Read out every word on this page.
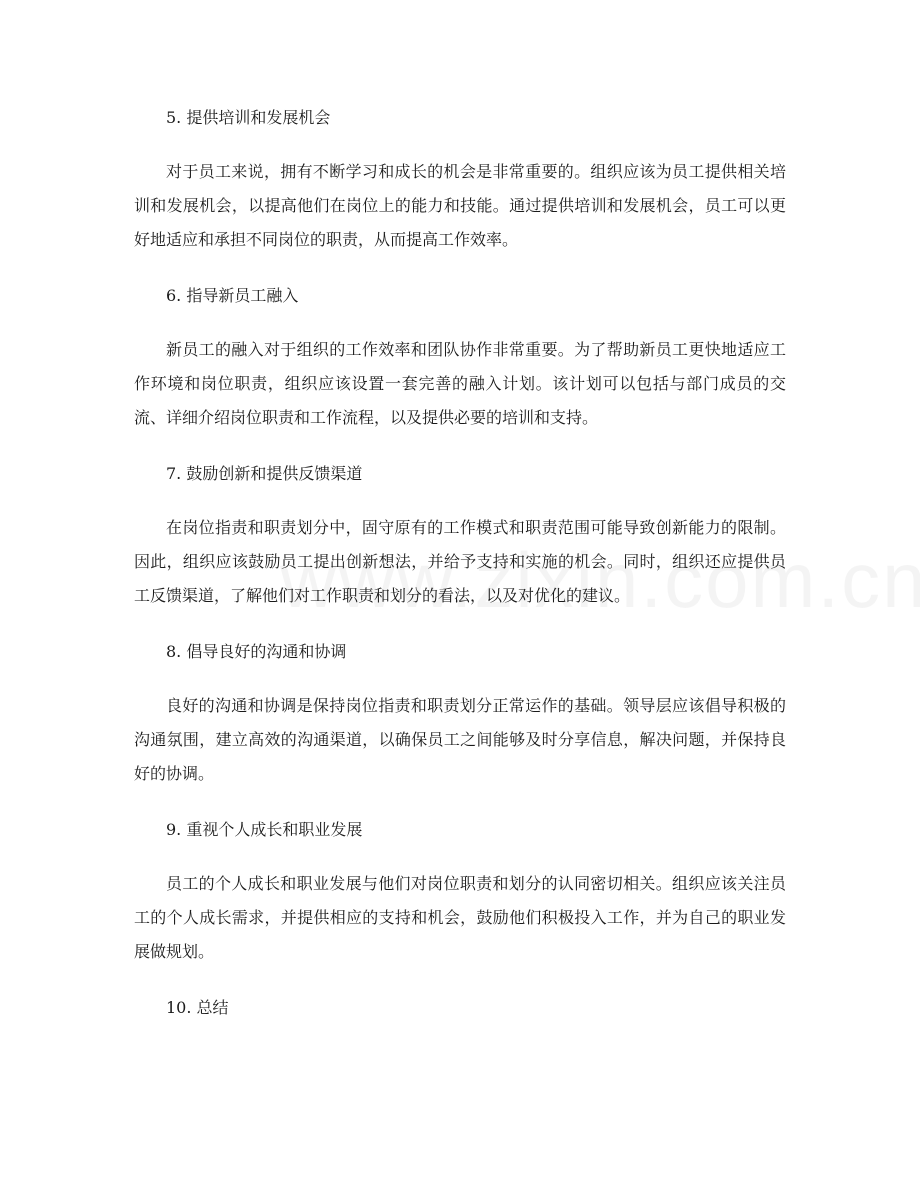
5. 提供培训和发展机会
对于员工来说，拥有不断学习和成长的机会是非常重要的。组织应该为员工提供相关培训和发展机会，以提高他们在岗位上的能力和技能。通过提供培训和发展机会，员工可以更好地适应和承担不同岗位的职责，从而提高工作效率。
6. 指导新员工融入
新员工的融入对于组织的工作效率和团队协作非常重要。为了帮助新员工更快地适应工作环境和岗位职责，组织应该设置一套完善的融入计划。该计划可以包括与部门成员的交流、详细介绍岗位职责和工作流程，以及提供必要的培训和支持。
7. 鼓励创新和提供反馈渠道
在岗位指责和职责划分中，固守原有的工作模式和职责范围可能导致创新能力的限制。因此，组织应该鼓励员工提出创新想法，并给予支持和实施的机会。同时，组织还应提供员工反馈渠道，了解他们对工作职责和划分的看法，以及对优化的建议。
8. 倡导良好的沟通和协调
良好的沟通和协调是保持岗位指责和职责划分正常运作的基础。领导层应该倡导积极的沟通氛围，建立高效的沟通渠道，以确保员工之间能够及时分享信息，解决问题，并保持良好的协调。
9. 重视个人成长和职业发展
员工的个人成长和职业发展与他们对岗位职责和划分的认同密切相关。组织应该关注员工的个人成长需求，并提供相应的支持和机会，鼓励他们积极投入工作，并为自己的职业发展做规划。
10. 总结
